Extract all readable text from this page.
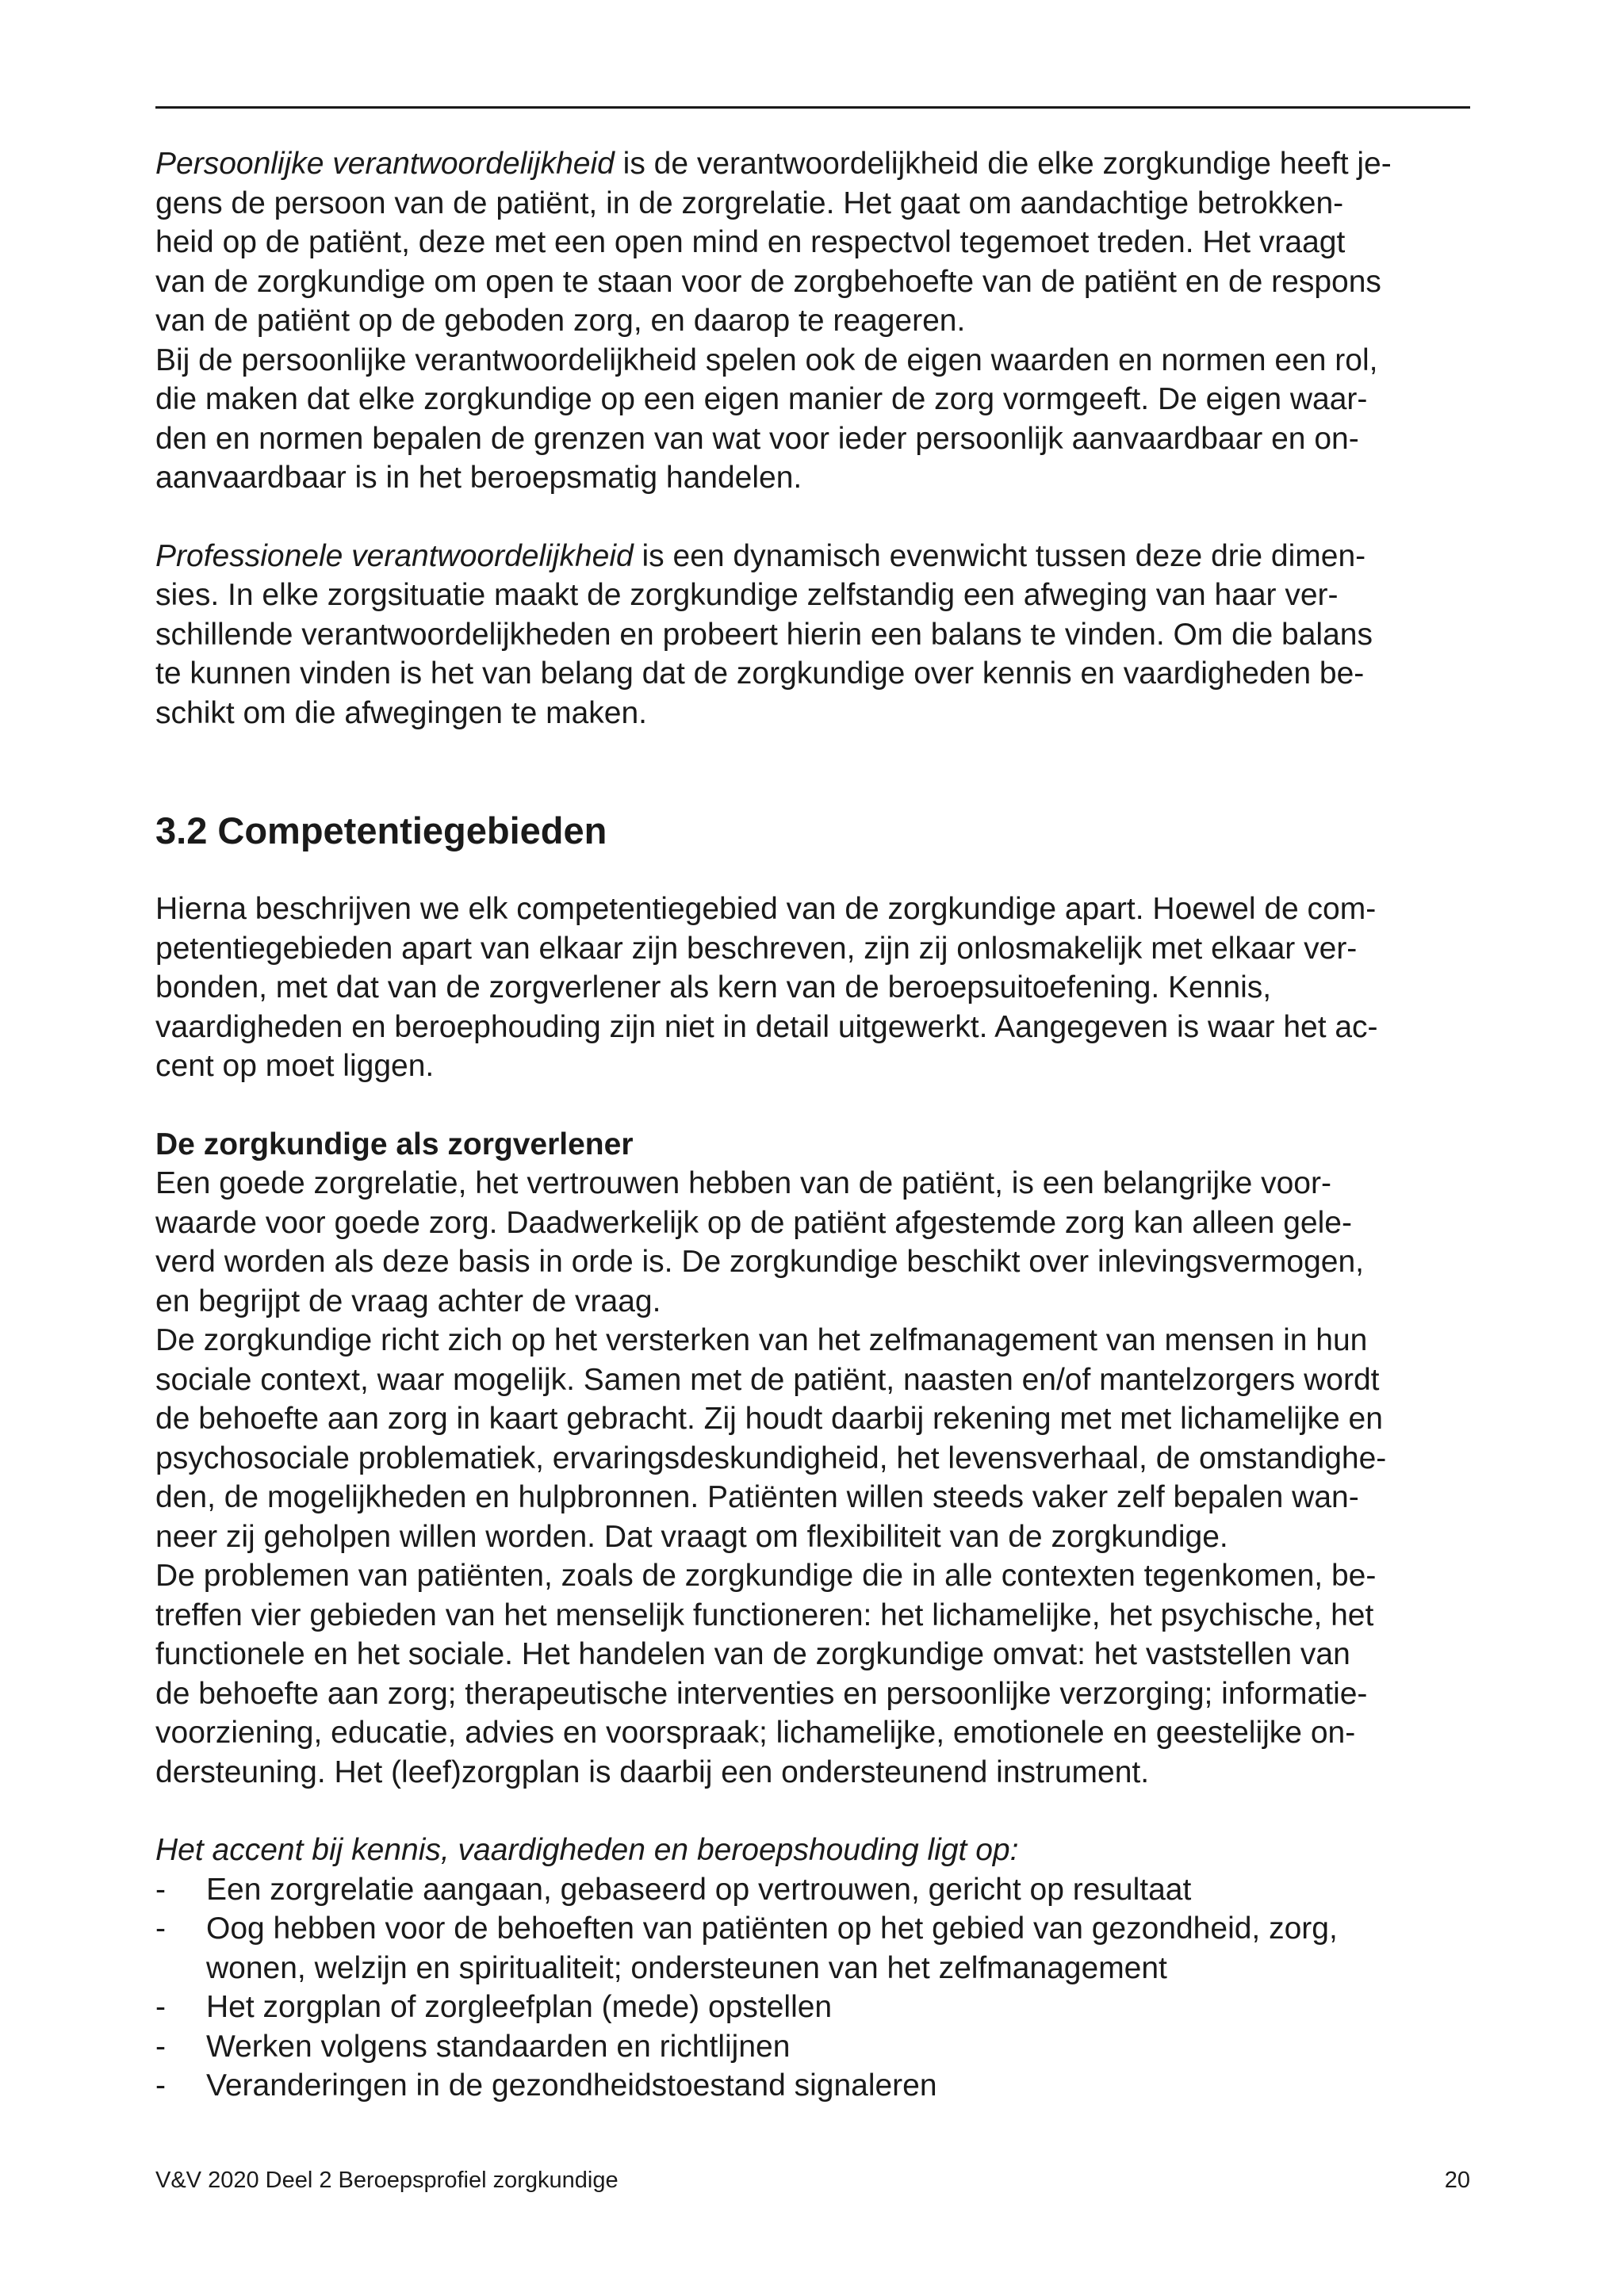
Persoonlijke verantwoordelijkheid is de verantwoordelijkheid die elke zorgkundige heeft je-
gens de persoon van de patiënt, in de zorgrelatie. Het gaat om aandachtige betrokken-
heid op de patiënt, deze met een open mind en respectvol tegemoet treden. Het vraagt
van de zorgkundige om open te staan voor de zorgbehoefte van de patiënt en de respons
van de patiënt op de geboden zorg, en daarop te reageren.

Bij de persoonlijke verantwoordelijkheid spelen ook de eigen waarden en normen een rol,
die maken dat elke zorgkundige op een eigen manier de zorg vormgeeft. De eigen waar-
den en normen bepalen de grenzen van wat voor ieder persoonlijk aanvaardbaar en on-
aanvaardbaar is in het beroepsmatig handelen.

Professionele verantwoordelijkheid is een dynamisch evenwicht tussen deze drie dimen-
sies. In elke zorgsituatie maakt de zorgkundige zelfstandig een afweging van haar ver-
schillende verantwoordelijkheden en probeert hierin een balans te vinden. Om die balans
te kunnen vinden is het van belang dat de zorgkundige over kennis en vaardigheden be-
schikt om die afwegingen te maken.

3.2 Competentiegebieden

Hierna beschrijven we elk competentiegebied van de zorgkundige apart. Hoewel de com-
petentiegebieden apart van elkaar zijn beschreven, zijn zij onlosmakelijk met elkaar ver-
bonden, met dat van de zorgverlener als kern van de beroepsuitoefening. Kennis,
vaardigheden en beroephouding zijn niet in detail uitgewerkt. Aangegeven is waar het ac-
cent op moet liggen.

De zorgkundige als zorgverlener

Een goede zorgrelatie, het vertrouwen hebben van de patiënt, is een belangrijke voor-
waarde voor goede zorg. Daadwerkelijk op de patiënt afgestemde zorg kan alleen gele-
verd worden als deze basis in orde is. De zorgkundige beschikt over inlevingsvermogen,
en begrijpt de vraag achter de vraag.

De zorgkundige richt zich op het versterken van het zelfmanagement van mensen in hun
sociale context, waar mogelijk. Samen met de patiënt, naasten en/of mantelzorgers wordt
de behoefte aan zorg in kaart gebracht. Zij houdt daarbij rekening met met lichamelijke en
psychosociale problematiek, ervaringsdeskundigheid, het levensverhaal, de omstandighe-
den, de mogelijkheden en hulpbronnen. Patiënten willen steeds vaker zelf bepalen wan-
neer zij geholpen willen worden. Dat vraagt om flexibiliteit van de zorgkundige.

De problemen van patiënten, zoals de zorgkundige die in alle contexten tegenkomen, be-
treffen vier gebieden van het menselijk functioneren: het lichamelijke, het psychische, het
functionele en het sociale. Het handelen van de zorgkundige omvat: het vaststellen van
de behoefte aan zorg; therapeutische interventies en persoonlijke verzorging; informatie-
voorziening, educatie, advies en voorspraak; lichamelijke, emotionele en geestelijke on-
dersteuning. Het (leef)zorgplan is daarbij een ondersteunend instrument.

Het accent bij kennis, vaardigheden en beroepshouding ligt op:

- Een zorgrelatie aangaan, gebaseerd op vertrouwen, gericht op resultaat
- Oog hebben voor de behoeften van patiënten op het gebied van gezondheid, zorg,
wonen, welzijn en spiritualiteit; ondersteunen van het zelfmanagement
- Het zorgplan of zorgleefplan (mede) opstellen
- Werken volgens standaarden en richtlijnen
- Veranderingen in de gezondheidstoestand signaleren
V&V 2020 Deel 2 Beroepsprofiel zorgkundige	20
